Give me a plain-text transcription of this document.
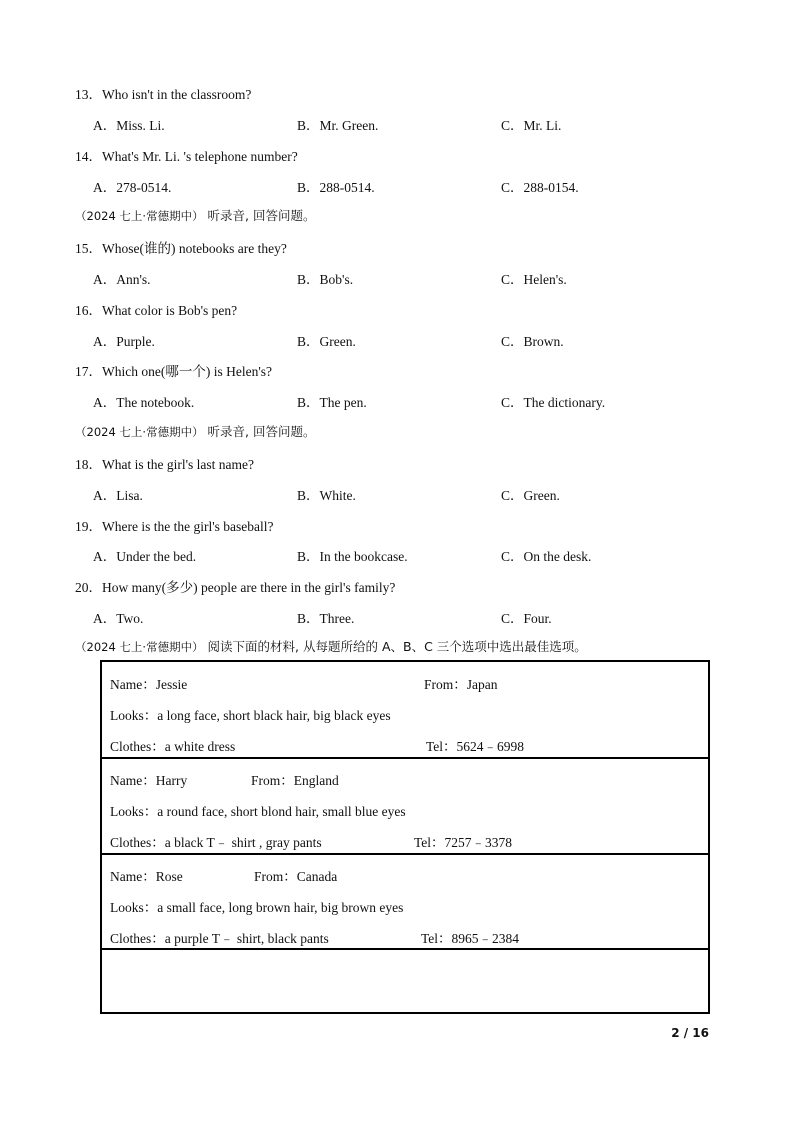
13．Who isn't in the classroom?
A．Miss. Li.	B．Mr. Green.	C．Mr. Li.
14．What's Mr. Li. 's telephone number?
A．278-0514.	B．288-0514.	C．288-0154.
（2024 七上·常德期中） 听录音, 回答问题。
15．Whose(谁的) notebooks are they?
A．Ann's.	B．Bob's.	C．Helen's.
16．What color is Bob's pen?
A．Purple.	B．Green.	C．Brown.
17．Which one(哪一个) is Helen's?
A．The notebook.	B．The pen.	C．The dictionary.
（2024 七上·常德期中） 听录音, 回答问题。
18．What is the girl's last name?
A．Lisa.	B．White.	C．Green.
19．Where is the the girl's baseball?
A．Under the bed.	B．In the bookcase.	C．On the desk.
20．How many(多少) people are there in the girl's family?
A．Two.	B．Three.	C．Four.
（2024 七上·常德期中） 阅读下面的材料, 从每题所给的 A、B、C 三个选项中选出最佳选项。
Name：Jessie	From：Japan
Looks：a long face, short black hair, big black eyes
Clothes：a white dress	Tel：5624﹣6998
Name：Harry	From：England
Looks：a round face, short blond hair, small blue eyes
Clothes：a black T﹣ shirt , gray pants	Tel：7257﹣3378
Name：Rose	From：Canada
Looks：a small face, long brown hair, big brown eyes
Clothes：a purple T﹣ shirt, black pants	Tel：8965﹣2384
2 / 16
